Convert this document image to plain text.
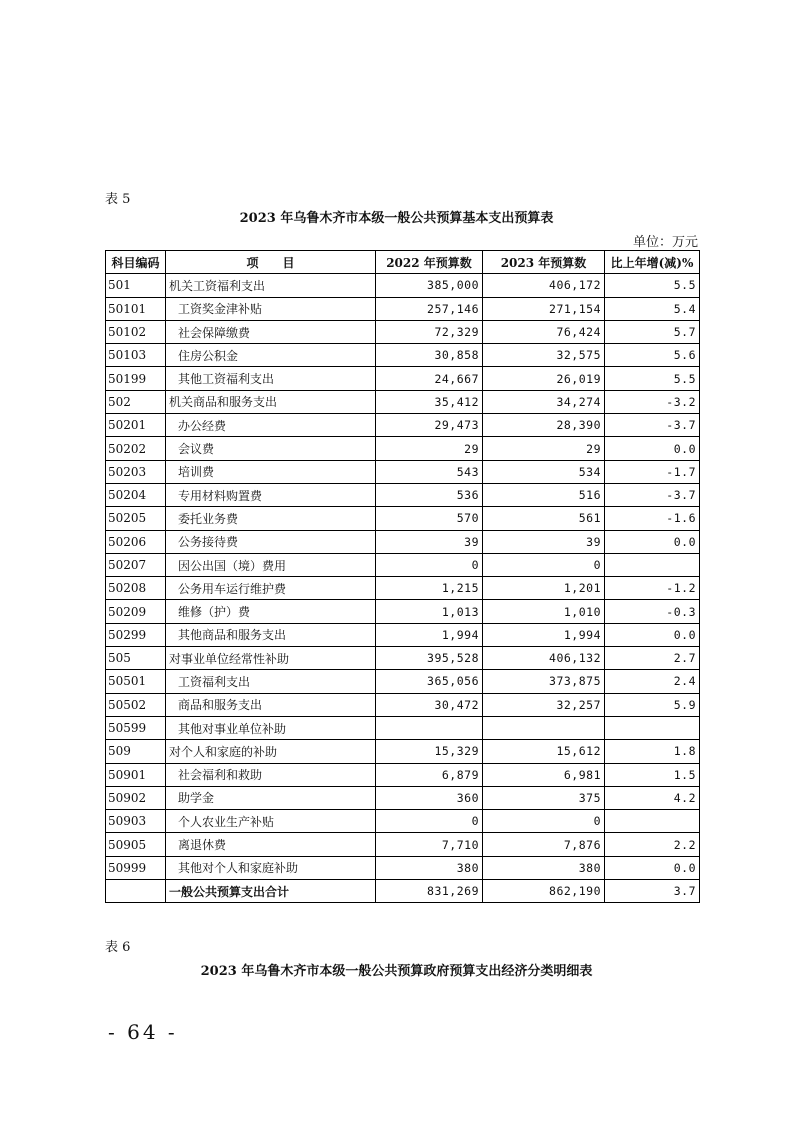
表 5
2023 年乌鲁木齐市本级一般公共预算基本支出预算表
单位：万元
科目编码	项　　目	2022 年预算数	2023 年预算数	比上年增(减)%
501	机关工资福利支出	385,000	406,172	5.5
50101	工资奖金津补贴	257,146	271,154	5.4
50102	社会保障缴费	72,329	76,424	5.7
50103	住房公积金	30,858	32,575	5.6
50199	其他工资福利支出	24,667	26,019	5.5
502	机关商品和服务支出	35,412	34,274	-3.2
50201	办公经费	29,473	28,390	-3.7
50202	会议费	29	29	0.0
50203	培训费	543	534	-1.7
50204	专用材料购置费	536	516	-3.7
50205	委托业务费	570	561	-1.6
50206	公务接待费	39	39	0.0
50207	因公出国（境）费用	0	0	
50208	公务用车运行维护费	1,215	1,201	-1.2
50209	维修（护）费	1,013	1,010	-0.3
50299	其他商品和服务支出	1,994	1,994	0.0
505	对事业单位经常性补助	395,528	406,132	2.7
50501	工资福利支出	365,056	373,875	2.4
50502	商品和服务支出	30,472	32,257	5.9
50599	其他对事业单位补助			
509	对个人和家庭的补助	15,329	15,612	1.8
50901	社会福利和救助	6,879	6,981	1.5
50902	助学金	360	375	4.2
50903	个人农业生产补贴	0	0	
50905	离退休费	7,710	7,876	2.2
50999	其他对个人和家庭补助	380	380	0.0
	一般公共预算支出合计	831,269	862,190	3.7
表 6
2023 年乌鲁木齐市本级一般公共预算政府预算支出经济分类明细表
- 64 -
